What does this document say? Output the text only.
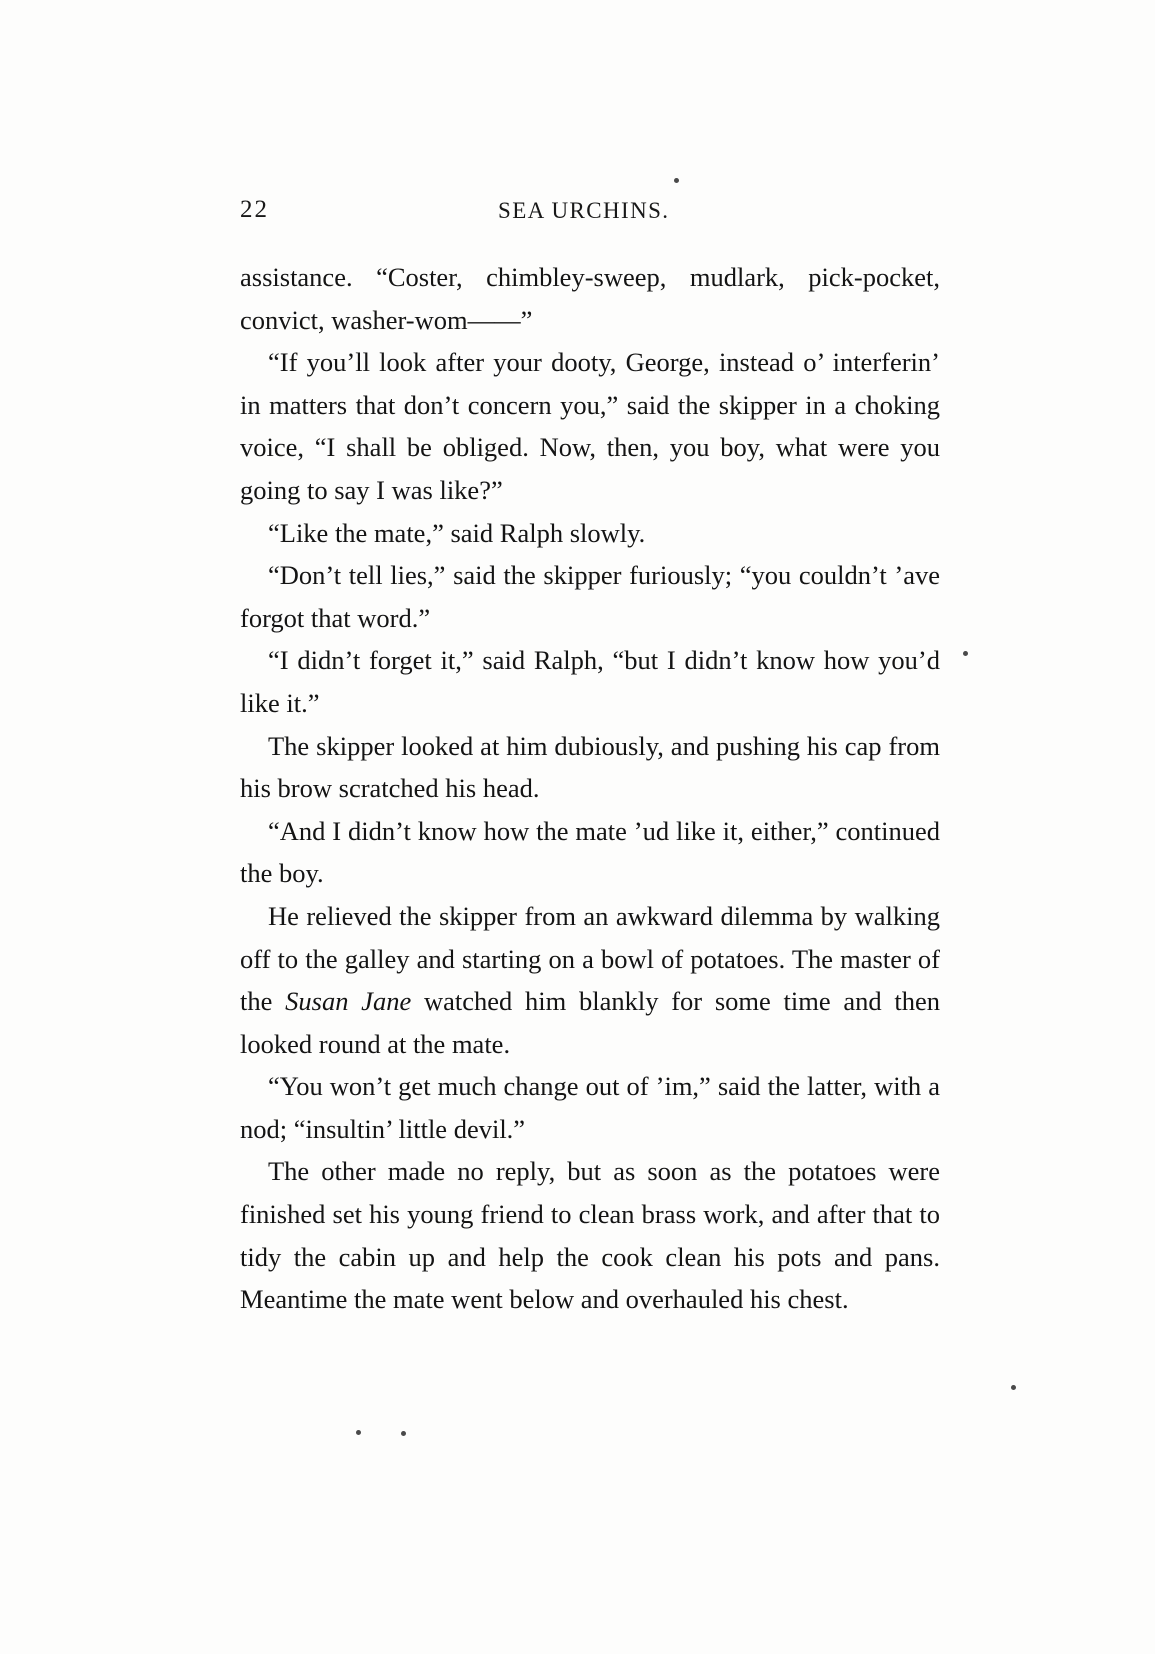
22	SEA URCHINS.

assistance. “Coster, chimbley-sweep, mudlark, pick-pocket, convict, washer-wom——”

“If you’ll look after your dooty, George, instead o’ interferin’ in matters that don’t concern you,” said the skipper in a choking voice, “I shall be obliged. Now, then, you boy, what were you going to say I was like?”

“Like the mate,” said Ralph slowly.

“Don’t tell lies,” said the skipper furiously; “you couldn’t ’ave forgot that word.”

“I didn’t forget it,” said Ralph, “but I didn’t know how you’d like it.”

The skipper looked at him dubiously, and pushing his cap from his brow scratched his head.

“And I didn’t know how the mate ’ud like it, either,” continued the boy.

He relieved the skipper from an awkward dilemma by walking off to the galley and starting on a bowl of potatoes. The master of the Susan Jane watched him blankly for some time and then looked round at the mate.

“You won’t get much change out of ’im,” said the latter, with a nod; “insultin’ little devil.”

The other made no reply, but as soon as the potatoes were finished set his young friend to clean brass work, and after that to tidy the cabin up and help the cook clean his pots and pans. Meantime the mate went below and overhauled his chest.
